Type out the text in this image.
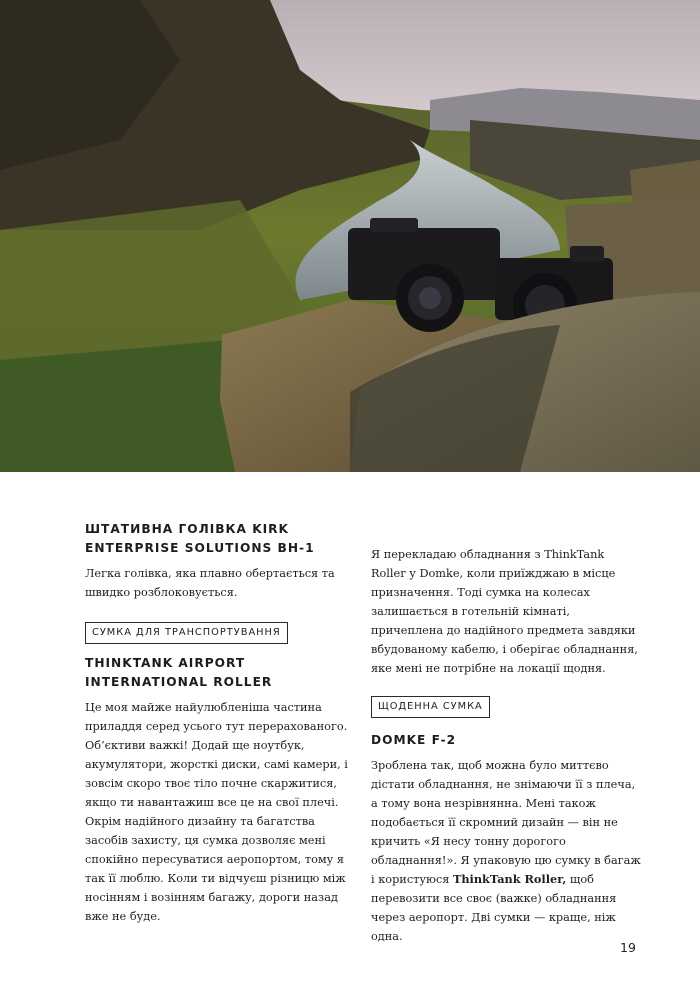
ШТАТИВНА ГОЛІВКА KIRK ENTERPRISE SOLUTIONS BH-1

Легка голівка, яка плавно обертається та швидко розблоковується.

СУМКА ДЛЯ ТРАНСПОРТУВАННЯ
THINKTANK AIRPORT INTERNATIONAL ROLLER

Це моя майже найулюбленіша частина приладдя серед усього тут перерахованого. Об’єктиви важкі! Додай ще ноутбук, акумулятори, жорсткі диски, самі камери, і зовсім скоро твоє тіло почне скаржитися, якщо ти навантажиш все це на свої плечі. Окрім надійного дизайну та багатства засобів захисту, ця сумка дозволяє мені спокійно пересуватися аеропортом, тому я так її люблю. Коли ти відчуєш різницю між носінням і возінням багажу, дороги назад вже не буде.

Я перекладаю обладнання з ThinkTank Roller у Domke, коли приїжджаю в місце призначення. Тоді сумка на колесах залишається в готельній кімнаті, причеплена до надійного предмета завдяки вбудованому кабелю, і оберігає обладнання, яке мені не потрібне на локації щодня.

ЩОДЕННА СУМКА
DOMKE F-2

Зроблена так, щоб можна було миттєво дістати обладнання, не знімаючи її з плеча, а тому вона незрівнянна. Мені також подобається її скромний дизайн — він не кричить «Я несу тонну дорогого обладнання!». Я упаковую цю сумку в багаж і користуюся ThinkTank Roller, щоб перевозити все своє (важке) обладнання через аеропорт. Дві сумки — краще, ніж одна.

19
